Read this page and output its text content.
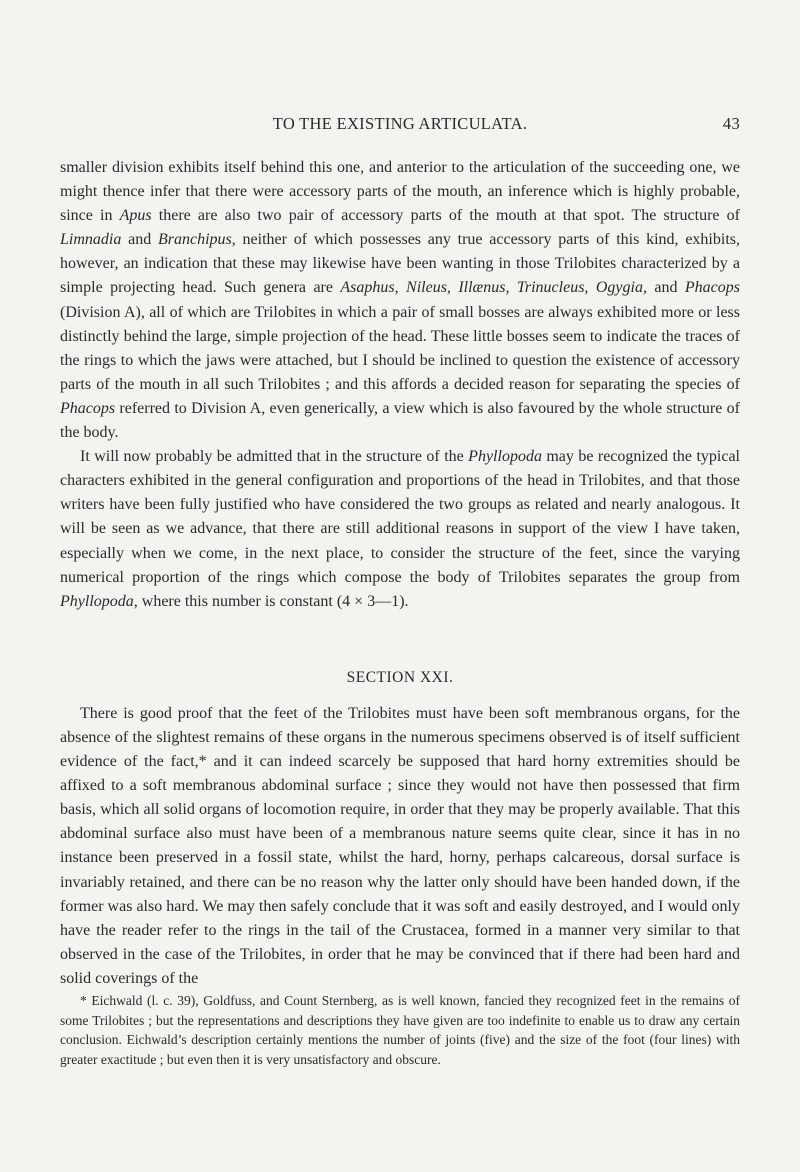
TO THE EXISTING ARTICULATA.	43

smaller division exhibits itself behind this one, and anterior to the articulation of the succeeding one, we might thence infer that there were accessory parts of the mouth, an inference which is highly probable, since in Apus there are also two pair of accessory parts of the mouth at that spot. The structure of Limnadia and Branchipus, neither of which possesses any true accessory parts of this kind, exhibits, however, an indication that these may likewise have been wanting in those Trilobites characterized by a simple projecting head. Such genera are Asaphus, Nileus, Illænus, Trinucleus, Ogygia, and Phacops (Division A), all of which are Trilobites in which a pair of small bosses are always exhibited more or less distinctly behind the large, simple projection of the head. These little bosses seem to indicate the traces of the rings to which the jaws were attached, but I should be inclined to question the existence of accessory parts of the mouth in all such Trilobites ; and this affords a decided reason for separating the species of Phacops referred to Division A, even generically, a view which is also favoured by the whole structure of the body.

It will now probably be admitted that in the structure of the Phyllopoda may be recognized the typical characters exhibited in the general configuration and proportions of the head in Trilobites, and that those writers have been fully justified who have considered the two groups as related and nearly analogous. It will be seen as we advance, that there are still additional reasons in support of the view I have taken, especially when we come, in the next place, to consider the structure of the feet, since the varying numerical proportion of the rings which compose the body of Trilobites separates the group from Phyllopoda, where this number is constant (4 × 3—1).

SECTION XXI.

There is good proof that the feet of the Trilobites must have been soft membranous organs, for the absence of the slightest remains of these organs in the numerous specimens observed is of itself sufficient evidence of the fact,* and it can indeed scarcely be supposed that hard horny extremities should be affixed to a soft membranous abdominal surface ; since they would not have then possessed that firm basis, which all solid organs of locomotion require, in order that they may be properly available. That this abdominal surface also must have been of a membranous nature seems quite clear, since it has in no instance been preserved in a fossil state, whilst the hard, horny, perhaps calcareous, dorsal surface is invariably retained, and there can be no reason why the latter only should have been handed down, if the former was also hard. We may then safely conclude that it was soft and easily destroyed, and I would only have the reader refer to the rings in the tail of the Crustacea, formed in a manner very similar to that observed in the case of the Trilobites, in order that he may be convinced that if there had been hard and solid coverings of the

* Eichwald (l. c. 39), Goldfuss, and Count Sternberg, as is well known, fancied they recognized feet in the remains of some Trilobites ; but the representations and descriptions they have given are too indefinite to enable us to draw any certain conclusion. Eichwald’s description certainly mentions the number of joints (five) and the size of the foot (four lines) with greater exactitude ; but even then it is very unsatisfactory and obscure.
